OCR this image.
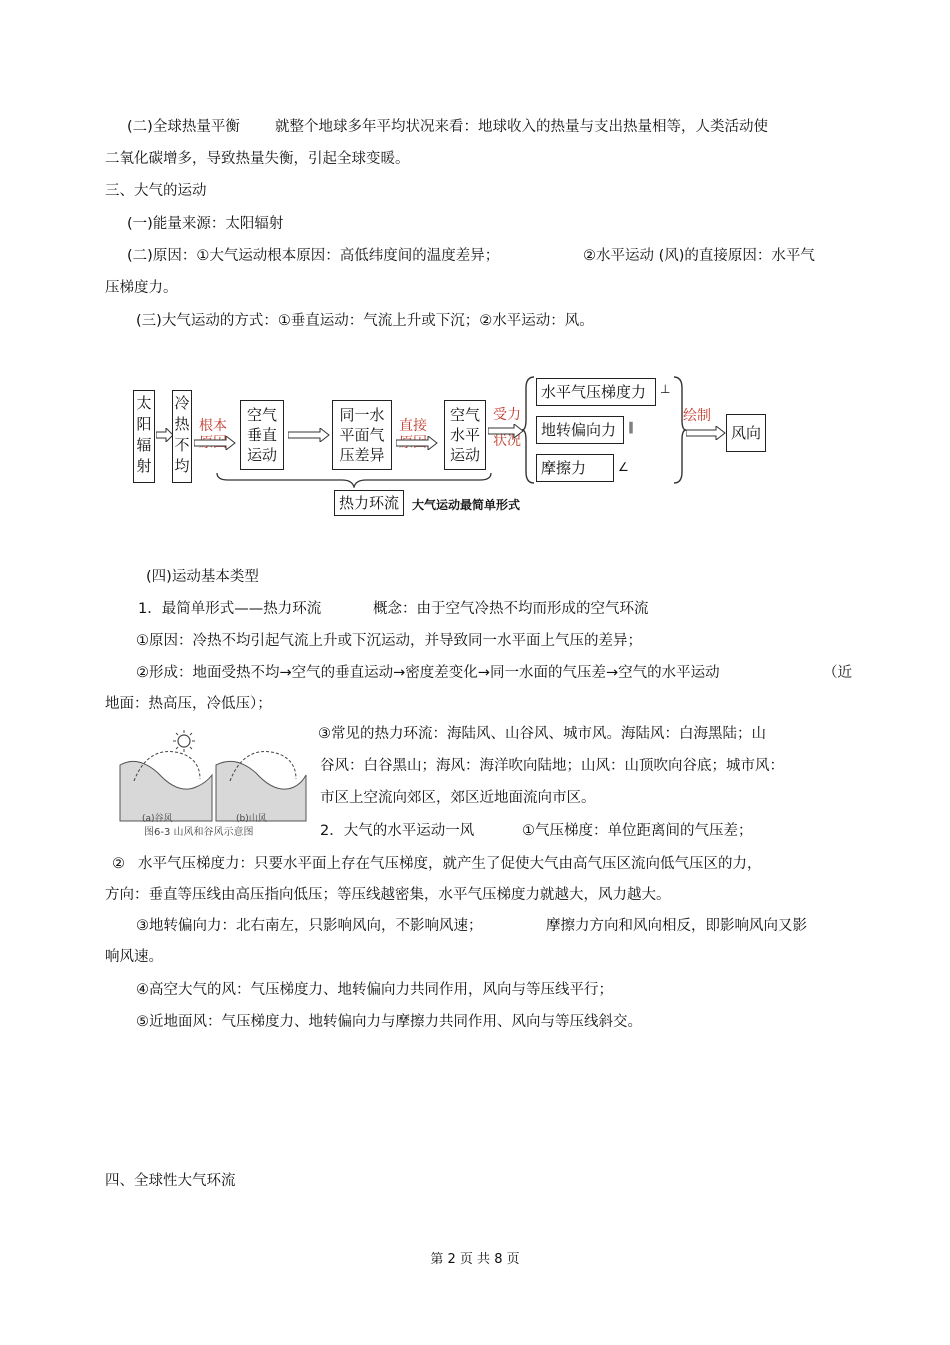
(二)全球热量平衡 就整个地球多年平均状况来看：地球收入的热量与支出热量相等，人类活动使
二氧化碳增多，导致热量失衡，引起全球变暖。
三、大气的运动
(一)能量来源：太阳辐射
(二)原因：①大气运动根本原因：高低纬度间的温度差异；	②水平运动 (风)的直接原因：水平气
压梯度力。
(三)大气运动的方式：①垂直运动：气流上升或下沉；②水平运动：风。
太阳辐射
冷热不均
根本
空气
垂直
运动
同一水
平面气
压差异
直接
空气
水平
运动
受力状况
水平气压梯度力 ⊥
地转偏向力 ∥
摩擦力	∠
绘制
风向
热力环流 大气运动最简单形式
(四)运动基本类型
1．最简单形式——热力环流	概念：由于空气冷热不均而形成的空气环流
①原因：冷热不均引起气流上升或下沉运动，并导致同一水平面上气压的差异；
②形成：地面受热不均→空气的垂直运动→密度差变化→同一水面的气压差→空气的水平运动	（近
地面：热高压，冷低压）；
(a)谷风	(b)山风
图6-3 山风和谷风示意图
③常见的热力环流：海陆风、山谷风、城市风。海陆风：白海黑陆；山
谷风：白谷黑山；海风：海洋吹向陆地；山风：山顶吹向谷底；城市风：
市区上空流向郊区，郊区近地面流向市区。
2．大气的水平运动一风	①气压梯度：单位距离间的气压差；
② 水平气压梯度力：只要水平面上存在气压梯度，就产生了促使大气由高气压区流向低气压区的力，
方向：垂直等压线由高压指向低压；等压线越密集，水平气压梯度力就越大，风力越大。
③地转偏向力：北右南左，只影响风向，不影响风速；	摩擦力方向和风向相反，即影响风向又影
响风速。
④高空大气的风：气压梯度力、地转偏向力共同作用，风向与等压线平行；
⑤近地面风：气压梯度力、地转偏向力与摩擦力共同作用、风向与等压线斜交。
四、全球性大气环流
第 2 页 共 8 页
